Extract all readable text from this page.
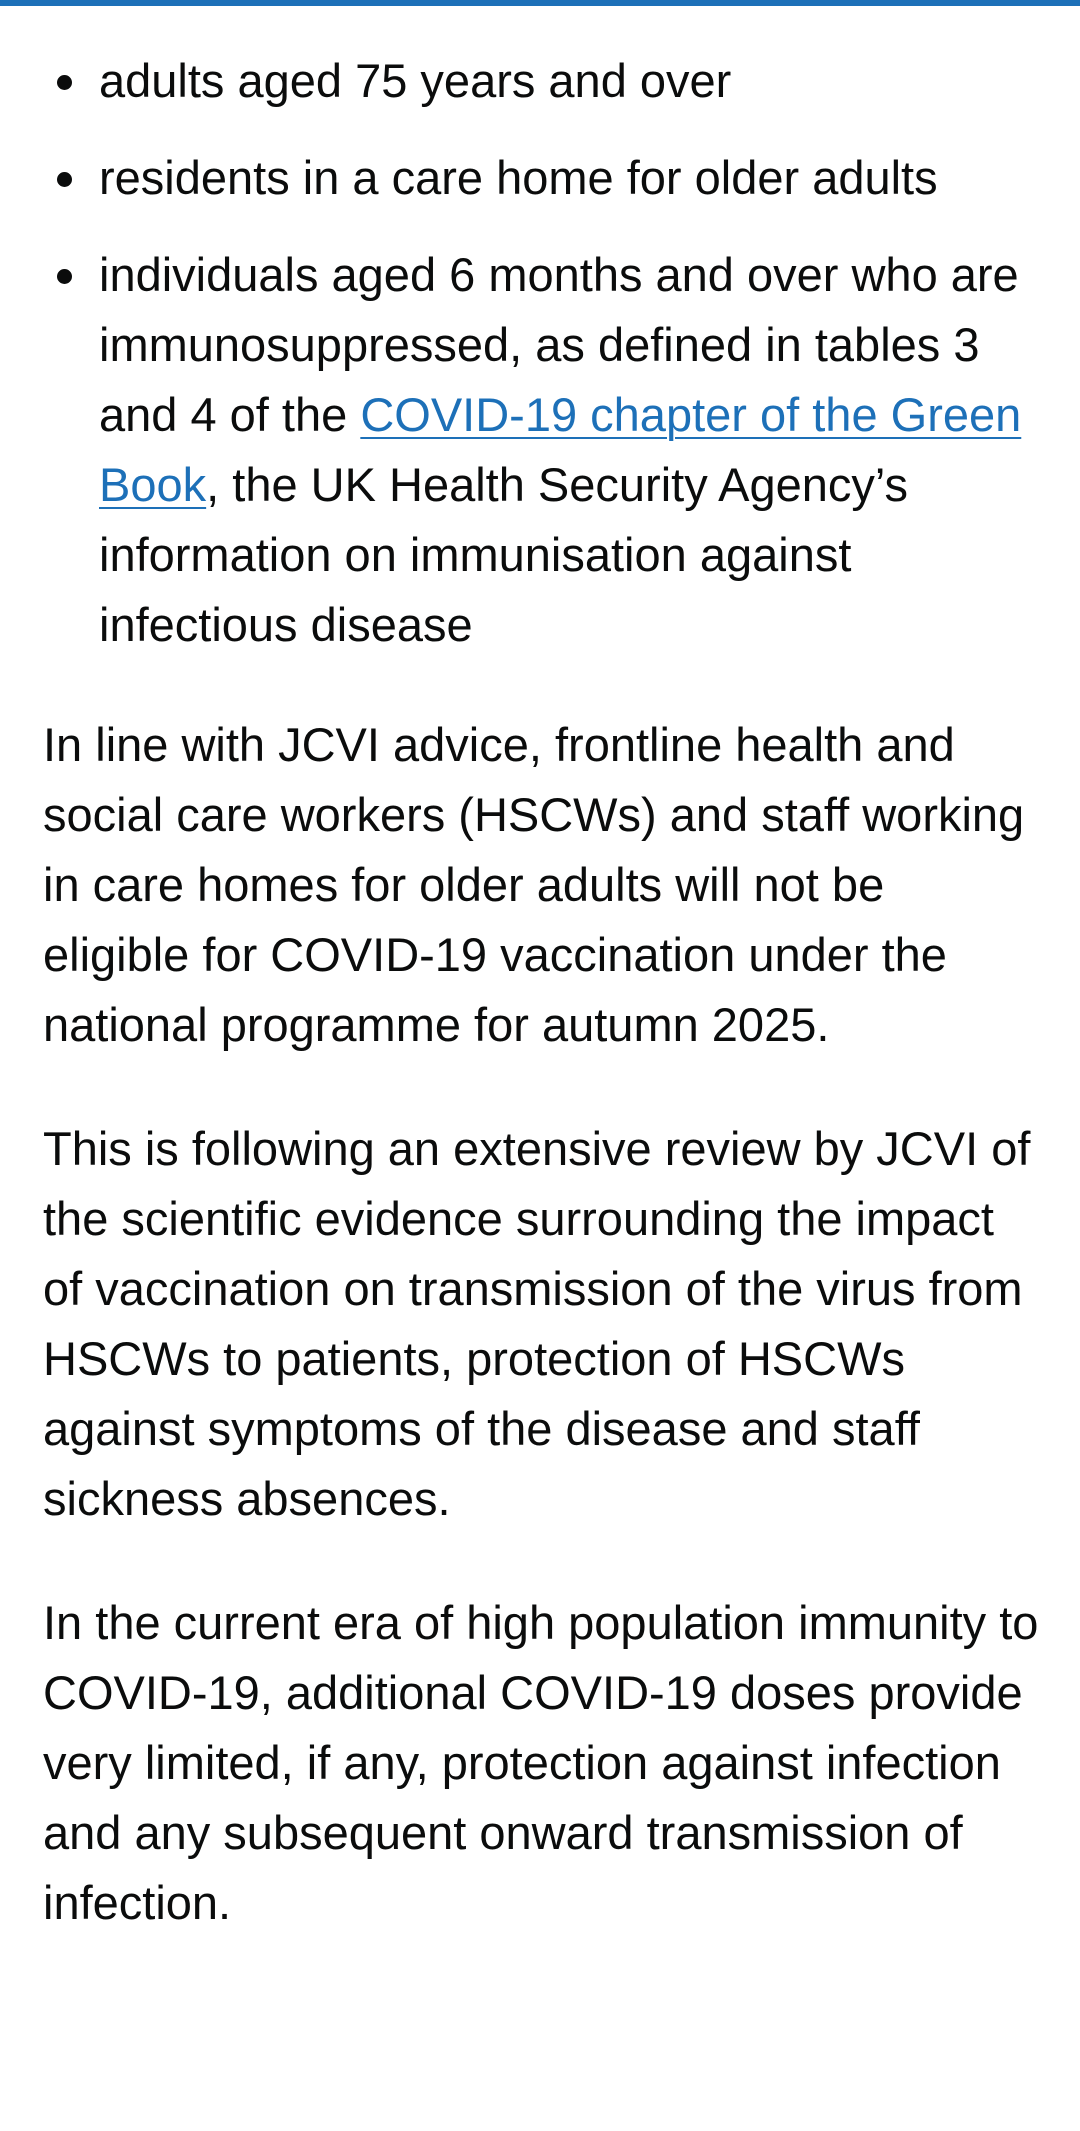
adults aged 75 years and over
residents in a care home for older adults
individuals aged 6 months and over who are immunosuppressed, as defined in tables 3 and 4 of the COVID-19 chapter of the Green Book, the UK Health Security Agency’s information on immunisation against infectious disease

In line with JCVI advice, frontline health and social care workers (HSCWs) and staff working in care homes for older adults will not be eligible for COVID-19 vaccination under the national programme for autumn 2025.

This is following an extensive review by JCVI of the scientific evidence surrounding the impact of vaccination on transmission of the virus from HSCWs to patients, protection of HSCWs against symptoms of the disease and staff sickness absences.

In the current era of high population immunity to COVID-19, additional COVID-19 doses provide very limited, if any, protection against infection and any subsequent onward transmission of infection.
